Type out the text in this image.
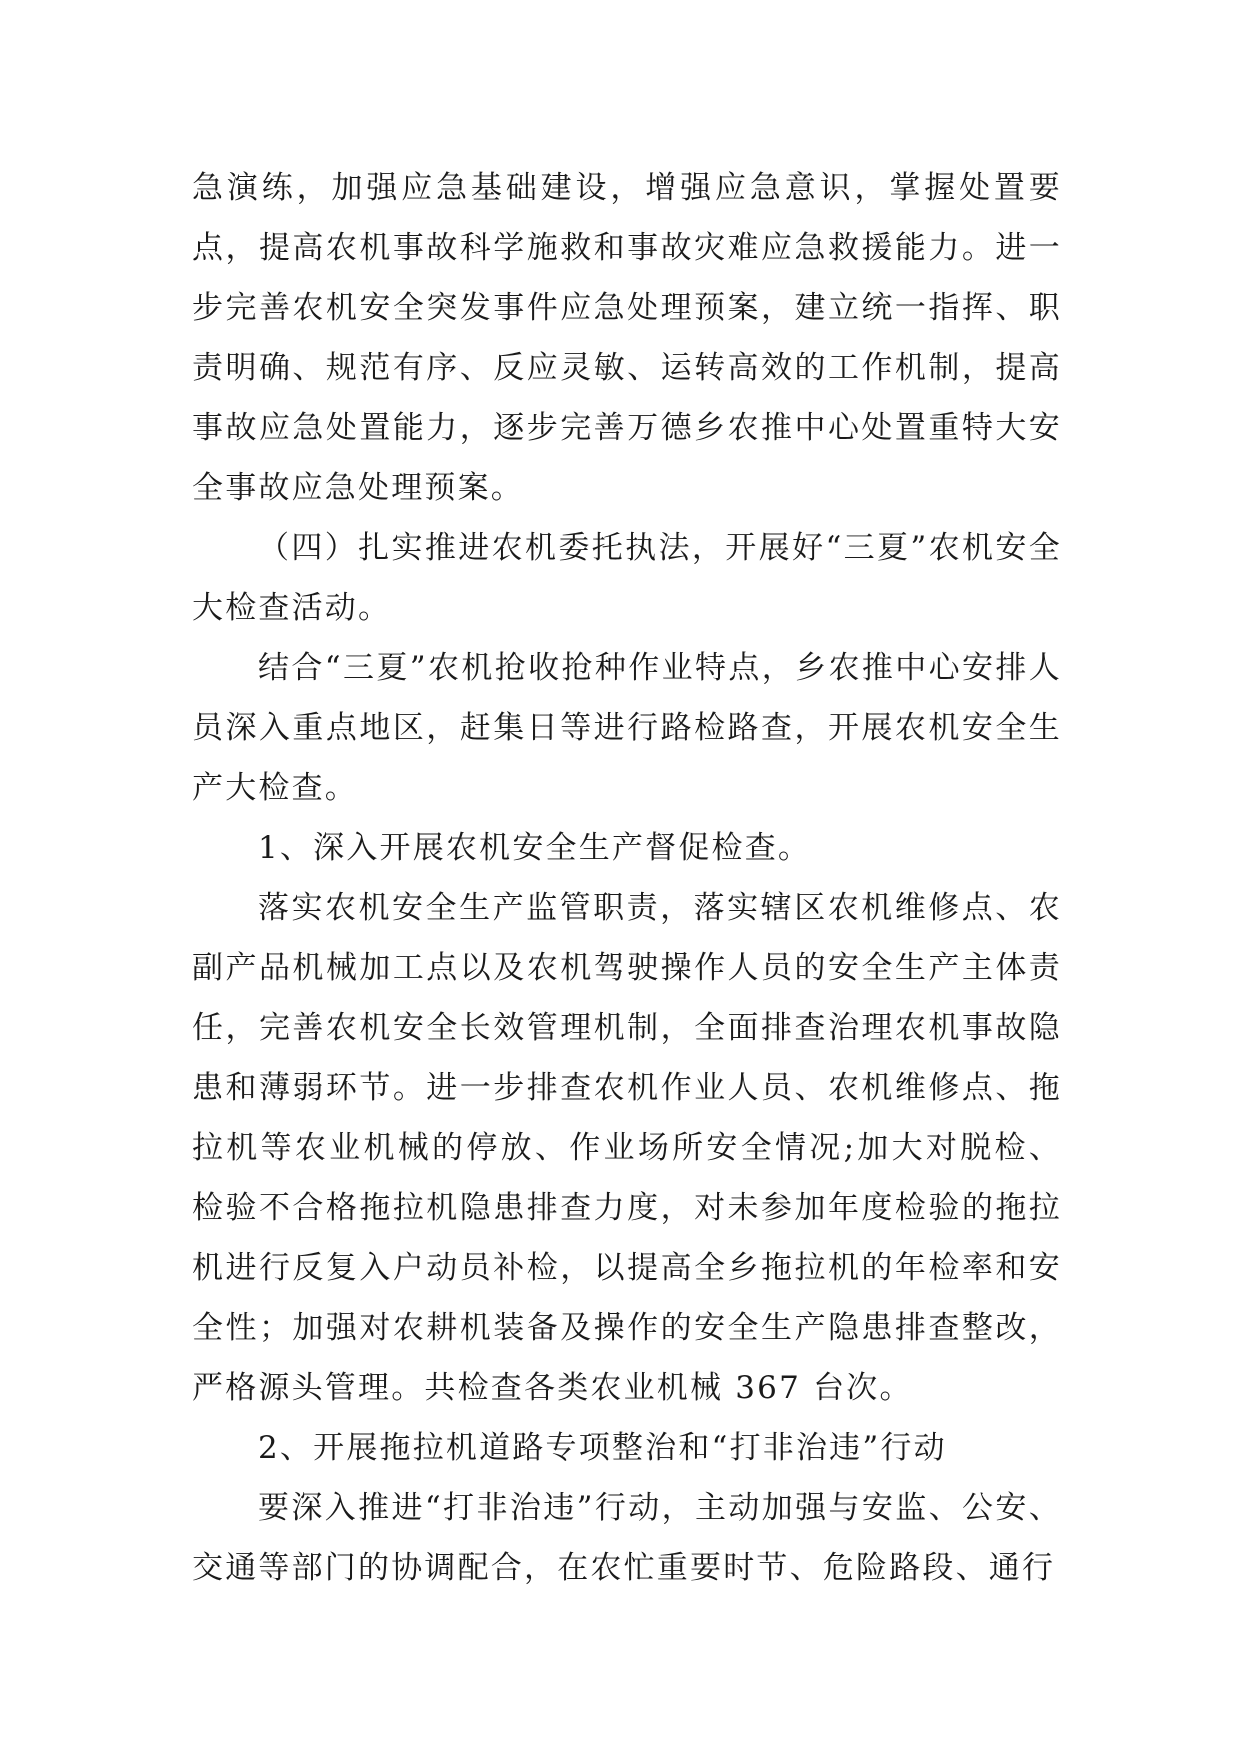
急演练，加强应急基础建设，增强应急意识，掌握处置要点，提高农机事故科学施救和事故灾难应急救援能力。进一步完善农机安全突发事件应急处理预案，建立统一指挥、职责明确、规范有序、反应灵敏、运转高效的工作机制，提高事故应急处置能力，逐步完善万德乡农推中心处置重特大安全事故应急处理预案。

（四）扎实推进农机委托执法，开展好“三夏”农机安全大检查活动。

结合“三夏”农机抢收抢种作业特点，乡农推中心安排人员深入重点地区，赶集日等进行路检路查，开展农机安全生产大检查。

1、深入开展农机安全生产督促检查。

落实农机安全生产监管职责，落实辖区农机维修点、农副产品机械加工点以及农机驾驶操作人员的安全生产主体责任，完善农机安全长效管理机制，全面排查治理农机事故隐患和薄弱环节。进一步排查农机作业人员、农机维修点、拖拉机等农业机械的停放、作业场所安全情况;加大对脱检、检验不合格拖拉机隐患排查力度，对未参加年度检验的拖拉机进行反复入户动员补检，以提高全乡拖拉机的年检率和安全性；加强对农耕机装备及操作的安全生产隐患排查整改，严格源头管理。共检查各类农业机械 367 台次。

2、开展拖拉机道路专项整治和“打非治违”行动

要深入推进“打非治违”行动，主动加强与安监、公安、交通等部门的协调配合，在农忙重要时节、危险路段、通行
